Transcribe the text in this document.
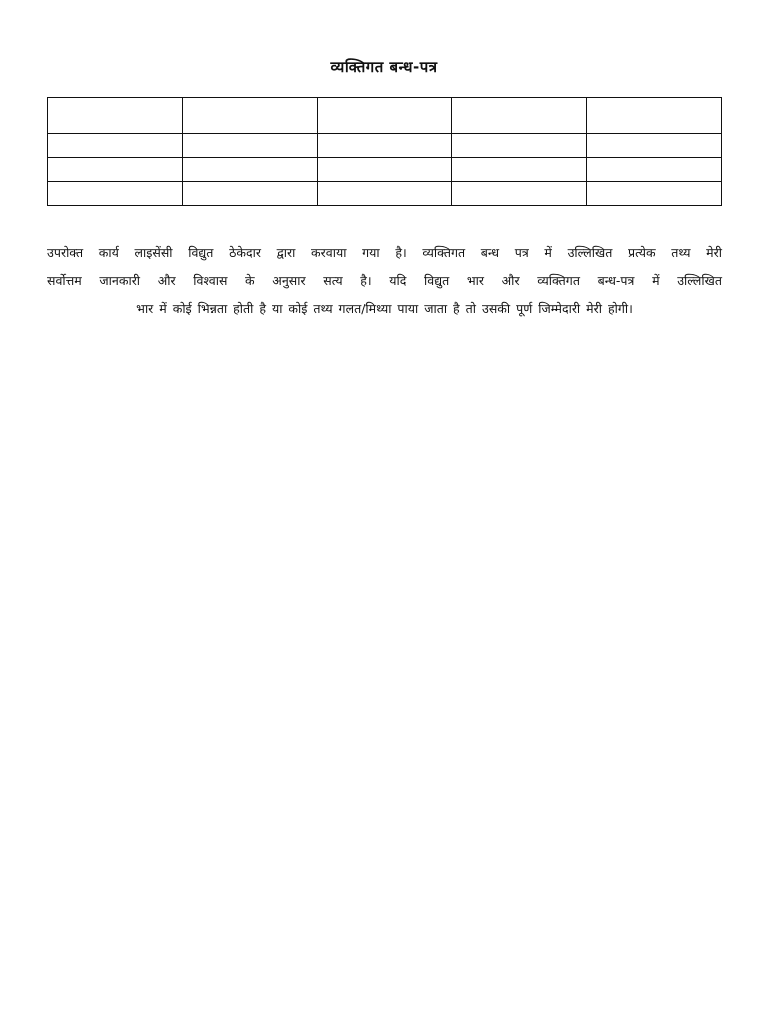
व्यक्तिगत बन्ध-पत्र

उपरोक्त कार्य लाइसेंसी विद्युत ठेकेदार द्वारा करवाया गया है। व्यक्तिगत बन्ध पत्र में उल्लिखित प्रत्येक तथ्य मेरी

सर्वोत्तम जानकारी और विश्वास के अनुसार सत्य है। यदि विद्युत भार और व्यक्तिगत बन्ध-पत्र में उल्लिखित

भार में कोई भिन्नता होती है या कोई तथ्य गलत/मिथ्या पाया जाता है तो उसकी पूर्ण जिम्मेदारी मेरी होगी।
